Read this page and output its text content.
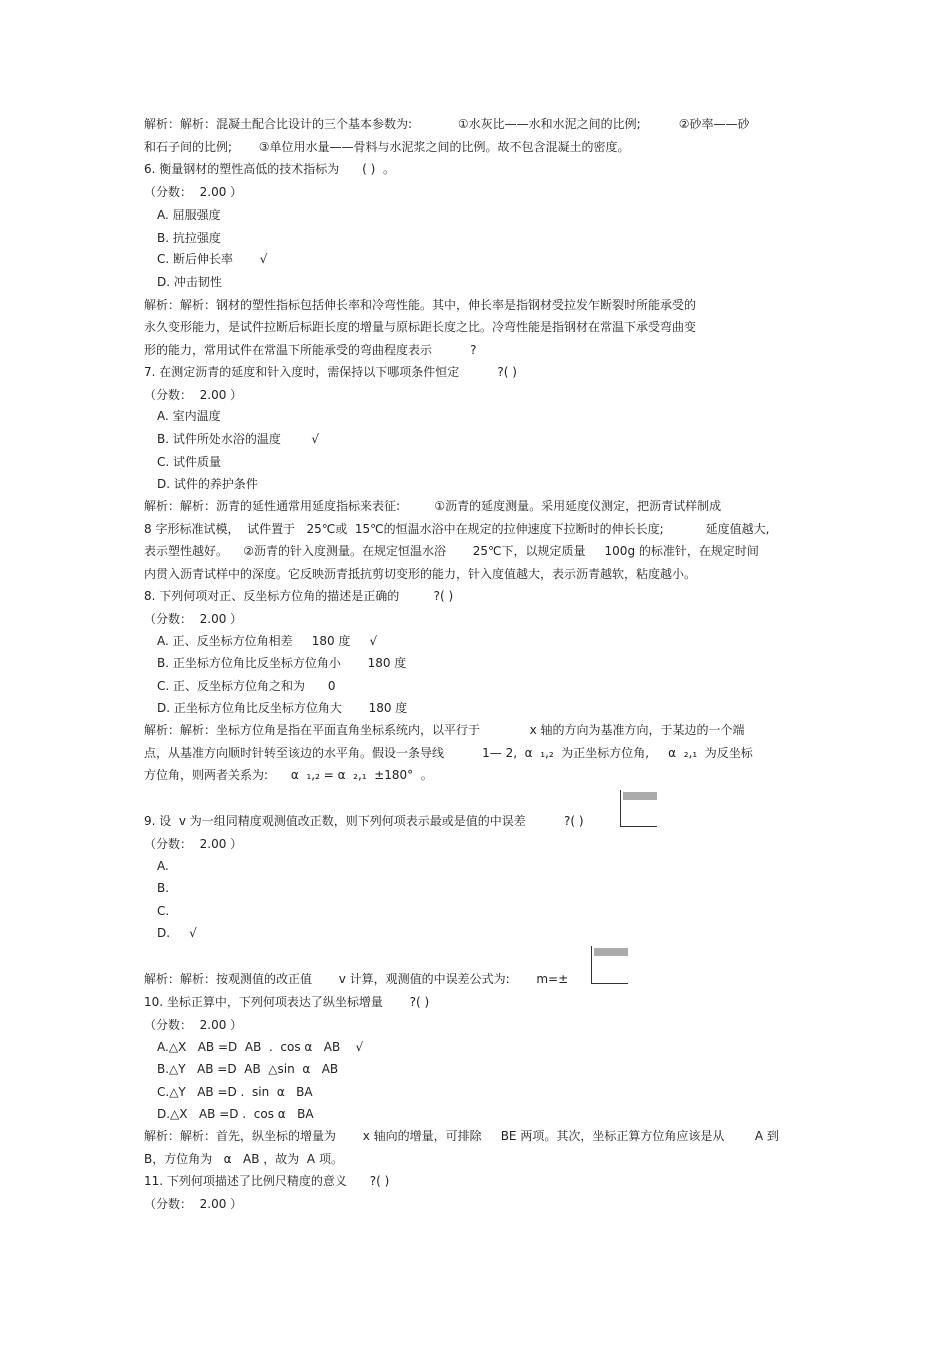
解析：解析：混凝土配合比设计的三个基本参数为:            ①水灰比——水和水泥之间的比例;          ②砂率——砂
和石子间的比例;       ③单位用水量——骨料与水泥浆之间的比例。故不包含混凝土的密度。
6. 衡量钢材的塑性高低的技术指标为      ( )  。
（分数：  2.00 ）
A. 屈服强度
B. 抗拉强度
C. 断后伸长率       √
D. 冲击韧性
解析：解析：钢材的塑性指标包括伸长率和冷弯性能。其中，伸长率是指钢材受拉发乍断裂时所能承受的
永久变形能力，是试件拉断后标距长度的增量与原标距长度之比。冷弯性能是指钢材在常温下承受弯曲变
形的能力，常用试件在常温下所能承受的弯曲程度表示          ?
7. 在测定沥青的延度和针入度时，需保持以下哪项条件恒定          ?( )
（分数：  2.00 ）
A. 室内温度
B. 试件所处水浴的温度        √
C. 试件质量
D. 试件的养护条件
解析：解析：沥青的延性通常用延度指标来表征:         ①沥青的延度测量。采用延度仪测定，把沥青试样制成
8 字形标准试模，  试件置于   25℃或  15℃的恒温水浴中在规定的拉伸速度下拉断时的伸长长度;           延度值越大,
表示塑性越好。    ②沥青的针入度测量。在规定恒温水浴       25℃下，以规定质量     100g 的标准针，在规定时间
内贯入沥青试样中的深度。它反映沥青抵抗剪切变形的能力，针入度值越大，表示沥青越软，粘度越小。
8. 下列何项对正、反坐标方位角的描述是正确的         ?( )
（分数：  2.00 ）
A. 正、反坐标方位角相差     180 度     √
B. 正坐标方位角比反坐标方位角小       180 度
C. 正、反坐标方位角之和为      0
D. 正坐标方位角比反坐标方位角大       180 度
解析：解析：坐标方位角是指在平面直角坐标系统内，以平行于             x 轴的方向为基准方向，于某边的一个端
点，从基准方向顺时针转至该边的水平角。假设一条导线          1— 2,  α  ₁,₂  为正坐标方位角,     α  ₂,₁  为反坐标
方位角，则两者关系为:      α  ₁,₂ = α  ₂,₁  ±180°  。
9. 设  v 为一组同精度观测值改正数，则下列何项表示最或是值的中误差          ?( )
（分数：  2.00 ）
A.
B.
C.
D.     √
解析：解析：按观测值的改正值       v 计算，观测值的中误差公式为:       m=±
10. 坐标正算中，下列何项表达了纵坐标增量       ?( )
（分数：  2.00 ）
A.△X   AB =D  AB  .  cos α   AB    √
B.△Y   AB =D  AB  △sin  α   AB
C.△Y   AB =D .  sin  α   BA
D.△X   AB =D .  cos α   BA
解析：解析：首先，纵坐标的增量为       x 轴向的增量，可排除     BE 两项。其次，坐标正算方位角应该是从        A 到
B，方位角为   α   AB ，故为  A 项。
11. 下列何项描述了比例尺精度的意义      ?( )
（分数：  2.00 ）
